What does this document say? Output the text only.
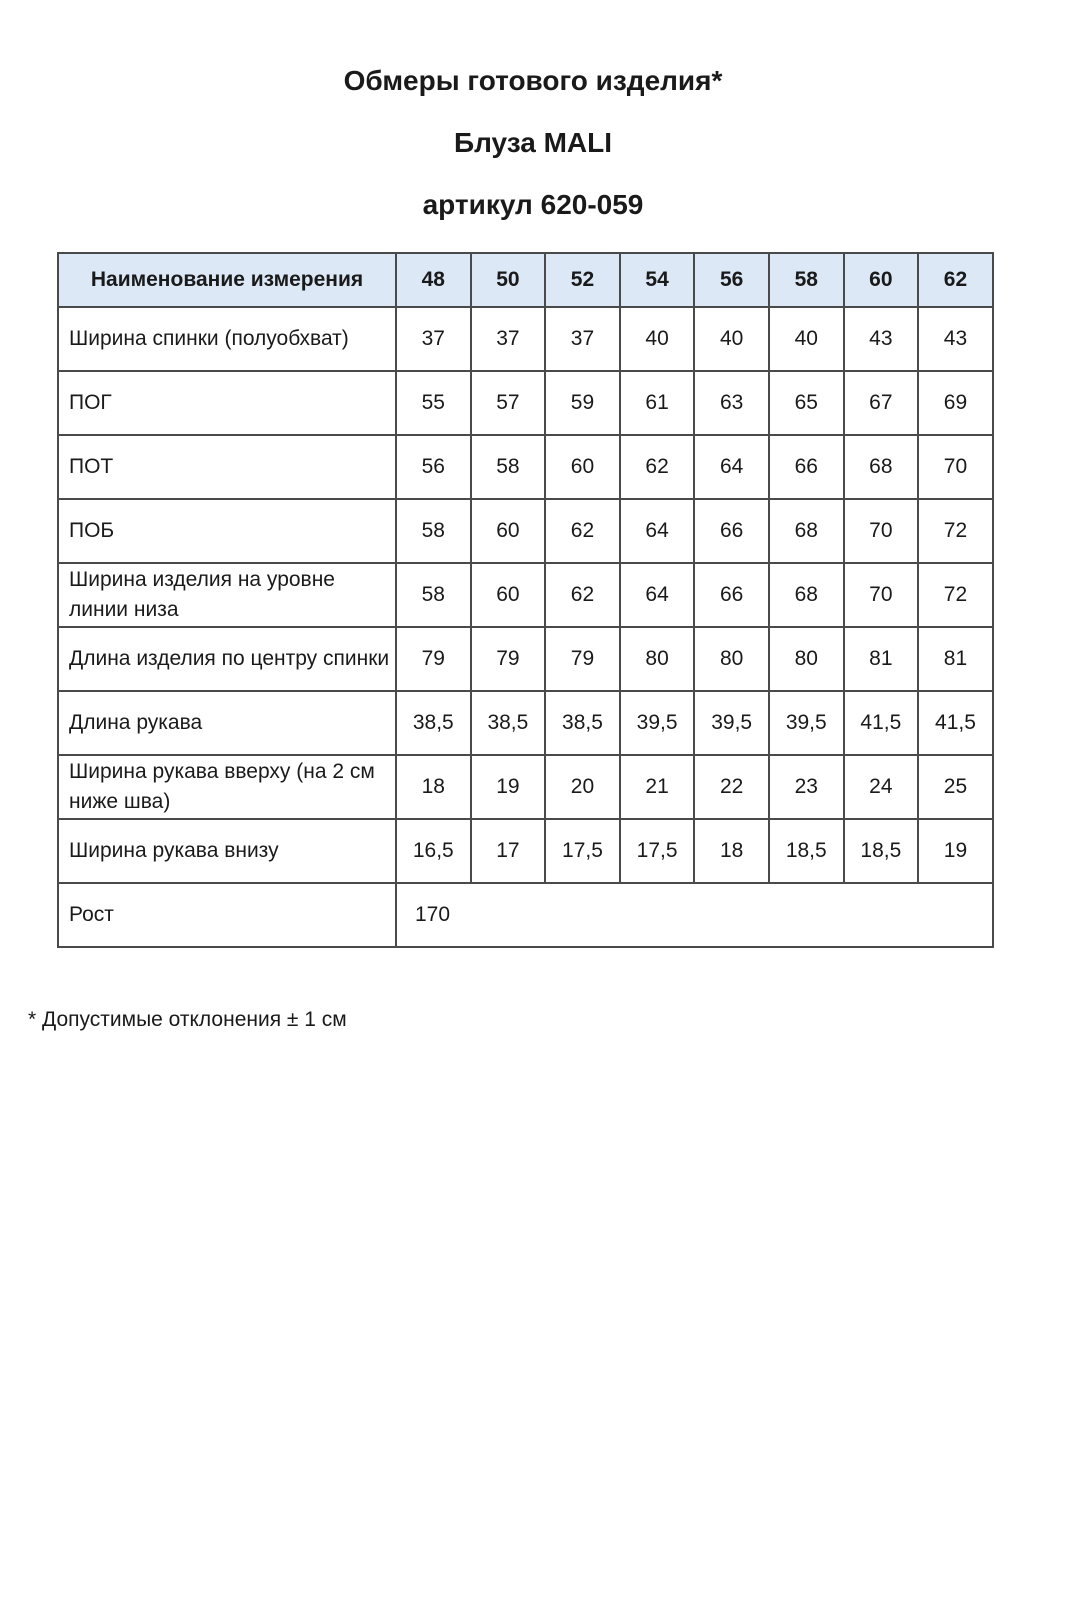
Обмеры готового изделия*
Блуза MALI
артикул 620-059
Наименование измерения	48	50	52	54	56	58	60	62
Ширина спинки (полуобхват)	37	37	37	40	40	40	43	43
ПОГ	55	57	59	61	63	65	67	69
ПОТ	56	58	60	62	64	66	68	70
ПОБ	58	60	62	64	66	68	70	72
Ширина изделия на уровне линии низа	58	60	62	64	66	68	70	72
Длина изделия по центру спинки	79	79	79	80	80	80	81	81
Длина рукава	38,5	38,5	38,5	39,5	39,5	39,5	41,5	41,5
Ширина рукава вверху (на 2 см ниже шва)	18	19	20	21	22	23	24	25
Ширина рукава внизу	16,5	17	17,5	17,5	18	18,5	18,5	19
Рост	170							

* Допустимые отклонения ± 1 см
